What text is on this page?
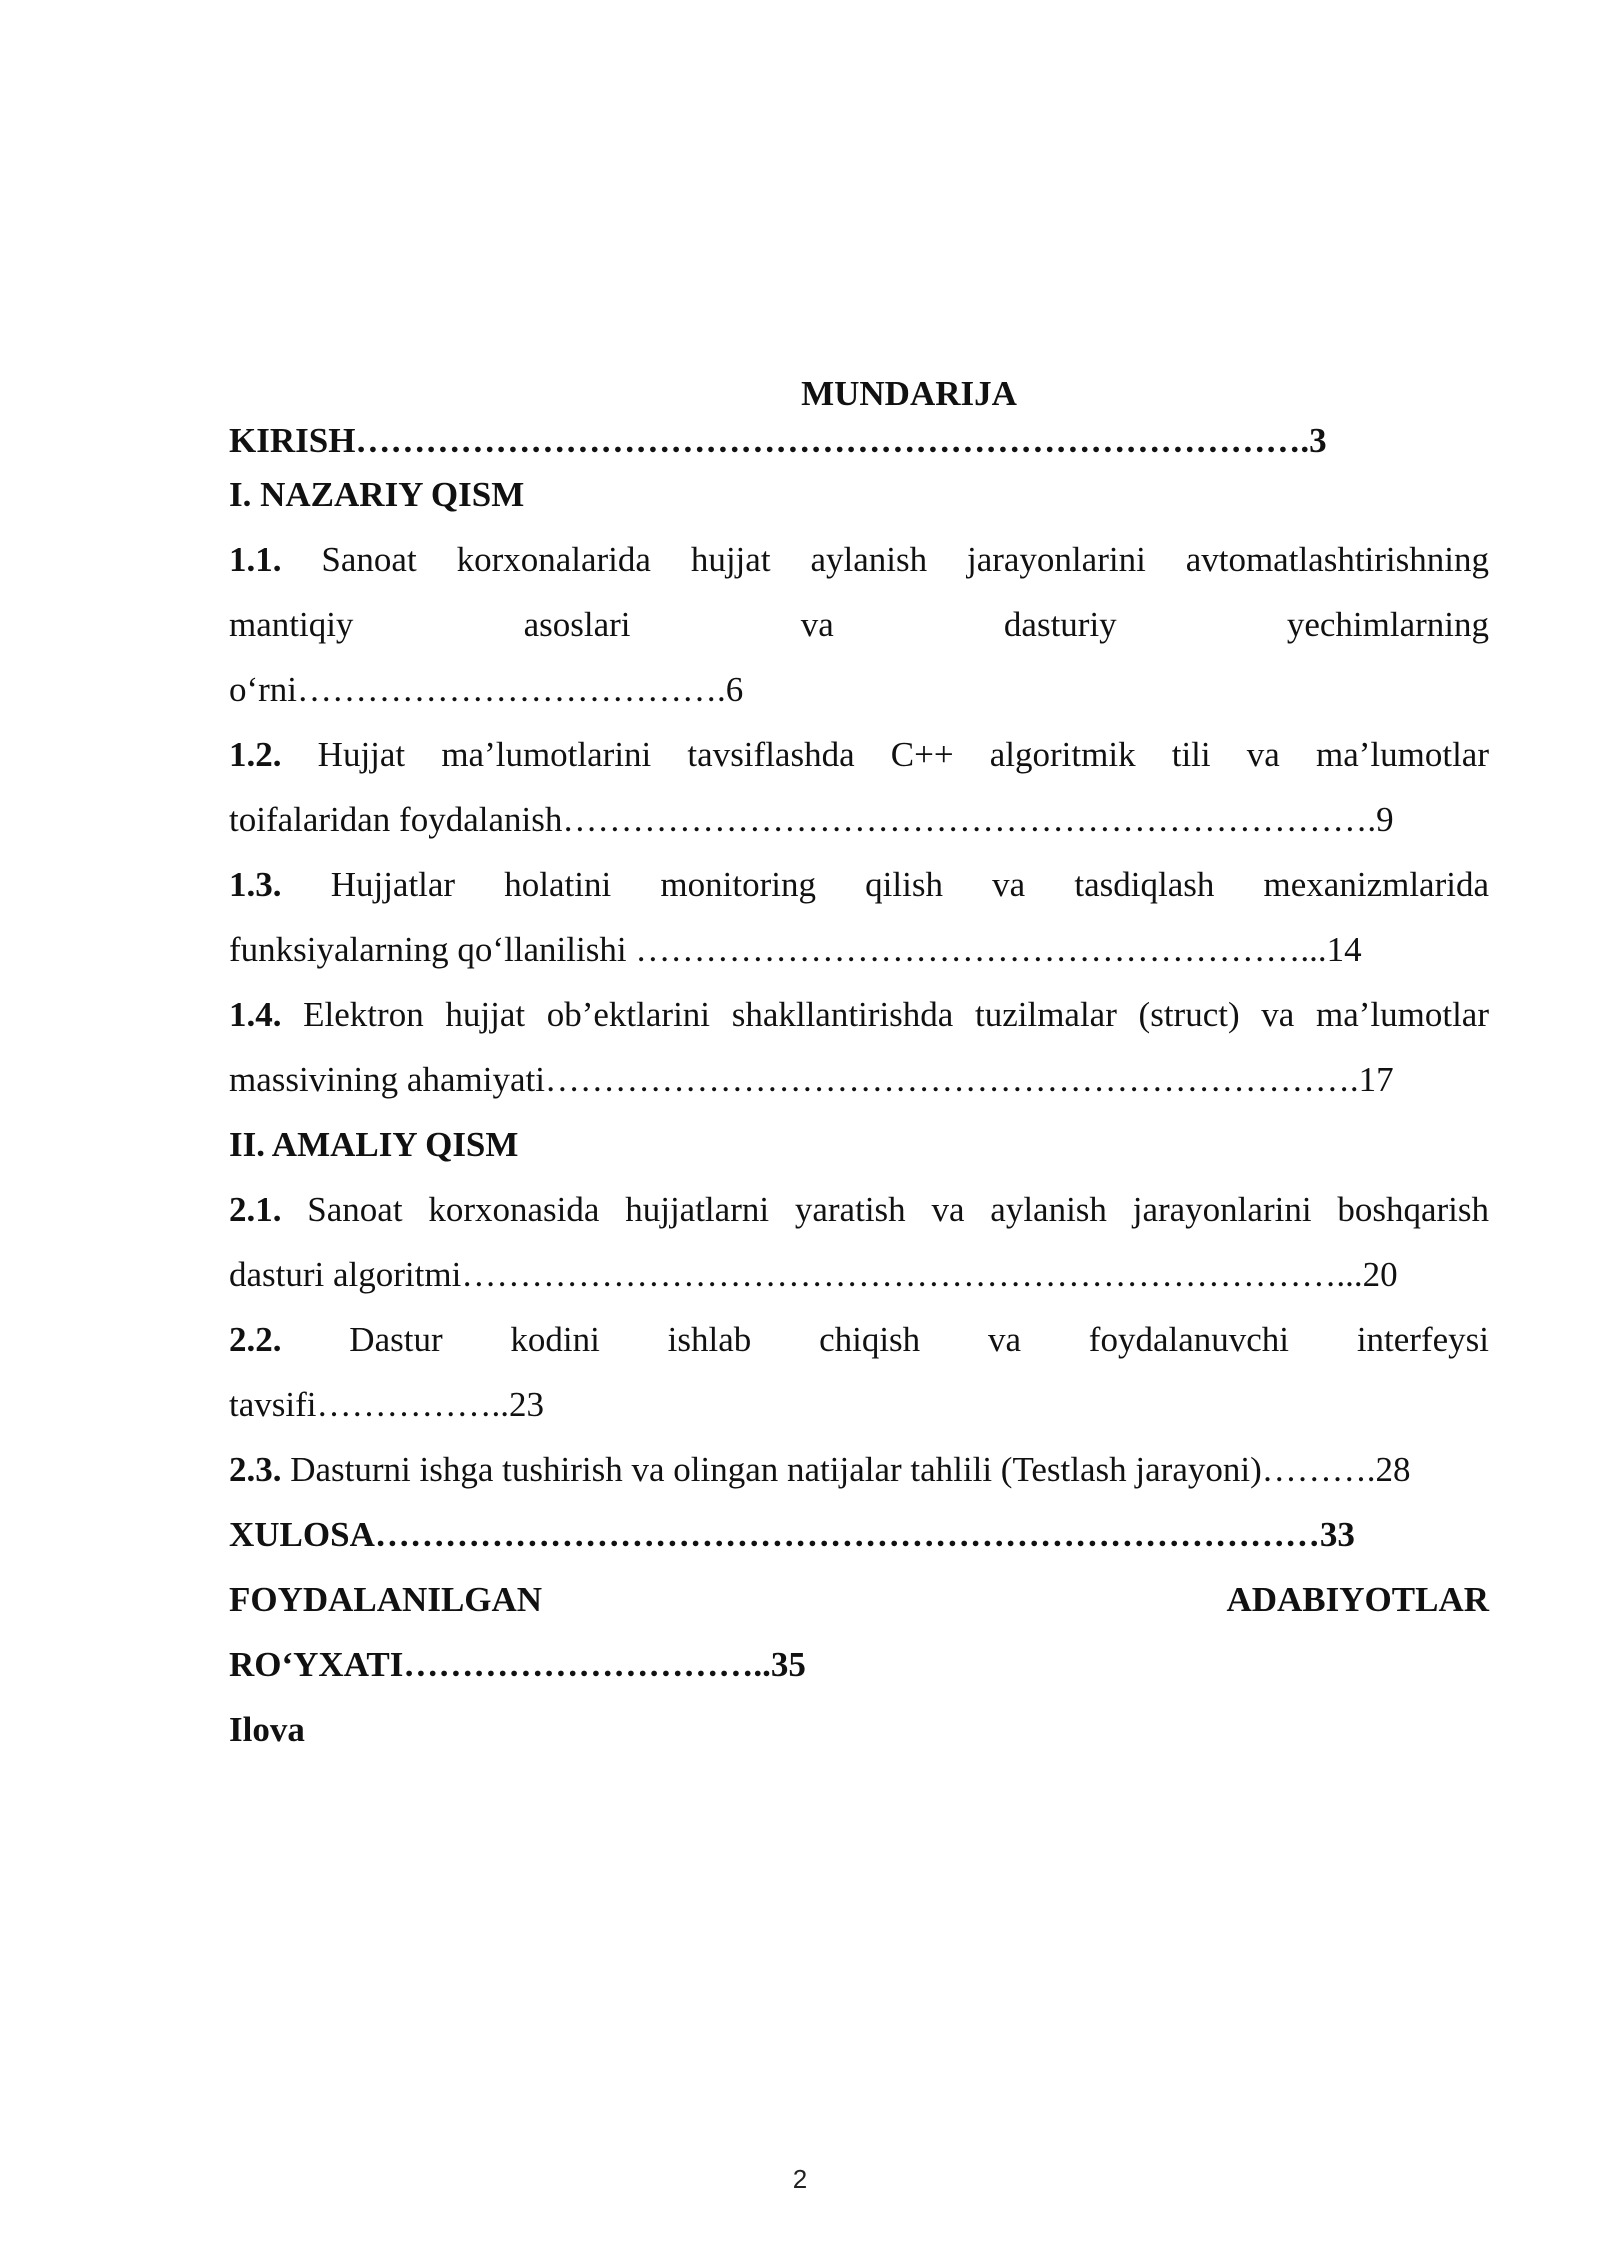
MUNDARIJA

KIRISH……………………………………………………………………….3

I. NAZARIY QISM

1.1. Sanoat korxonalarida hujjat aylanish jarayonlarini avtomatlashtirishning

mantiqiy asoslari va dasturiy yechimlarning

o‘rni……………………………….6

1.2. Hujjat ma’lumotlarini tavsiflashda C++ algoritmik tili va ma’lumotlar

toifalaridan foydalanish…………………………………………………………….9

1.3. Hujjatlar holatini monitoring qilish va tasdiqlash mexanizmlarida

funksiyalarning qo‘llanilishi …………………………………………………...14

1.4. Elektron hujjat ob’ektlarini shakllantirishda tuzilmalar (struct) va ma’lumotlar

massivining ahamiyati…………………………………………………………….17

II. AMALIY QISM

2.1. Sanoat korxonasida hujjatlarni yaratish va aylanish jarayonlarini boshqarish

dasturi algoritmi…………………………………………………………………...20

2.2. Dastur kodini ishlab chiqish va foydalanuvchi interfeysi

tavsifi……………..23

2.3. Dasturni ishga tushirish va olingan natijalar tahlili (Testlash jarayoni)……….28

XULOSA………………………………………………………………………33

FOYDALANILGAN ADABIYOTLAR

RO‘YXATI…………………………..35

Ilova

2
